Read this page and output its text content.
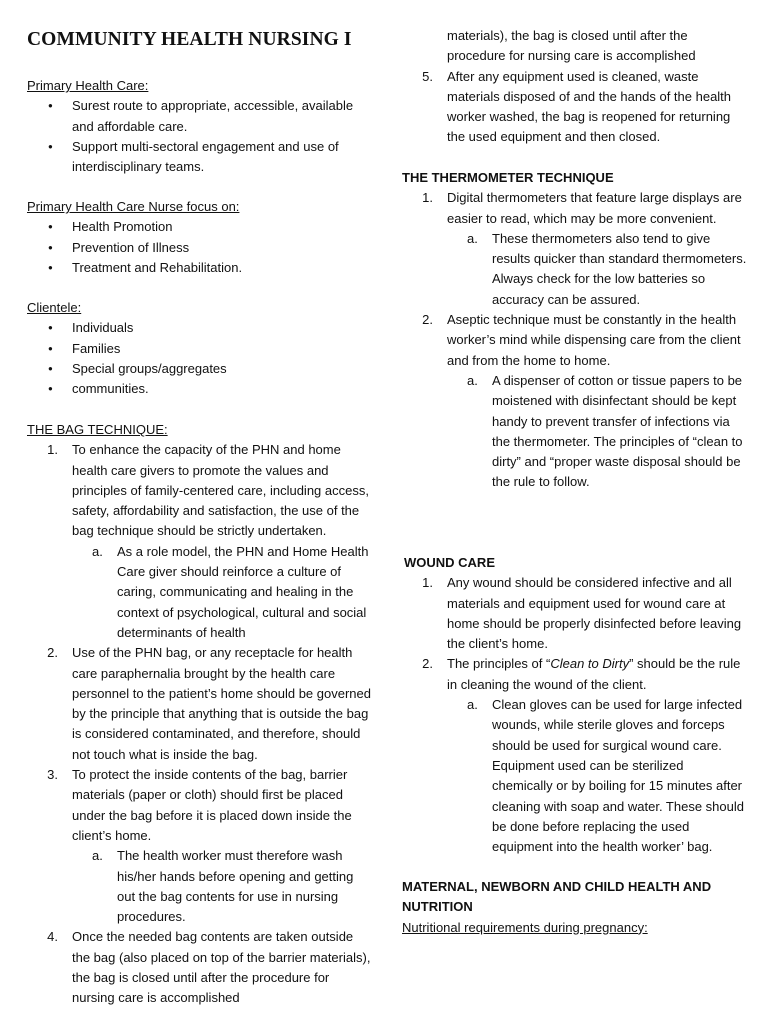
COMMUNITY HEALTH NURSING I

Primary Health Care:

● Surest route to appropriate, accessible, available and affordable care.
● Support multi-sectoral engagement and use of interdisciplinary teams.

Primary Health Care Nurse focus on:

● Health Promotion
● Prevention of Illness
● Treatment and Rehabilitation.

Clientele:

● Individuals
● Families
● Special groups/aggregates
● communities.

THE BAG TECHNIQUE:

1. To enhance the capacity of the PHN and home health care givers to promote the values and principles of family-centered care, including access, safety, affordability and satisfaction, the use of the bag technique should be strictly undertaken.
a. As a role model, the PHN and Home Health Care giver should reinforce a culture of caring, communicating and healing in the context of psychological, cultural and social determinants of health
2. Use of the PHN bag, or any receptacle for health care paraphernalia brought by the health care personnel to the patient’s home should be governed by the principle that anything that is outside the bag is considered contaminated, and therefore, should not touch what is inside the bag.
3. To protect the inside contents of the bag, barrier materials (paper or cloth) should first be placed under the bag before it is placed down inside the client’s home.
a. The health worker must therefore wash his/her hands before opening and getting out the bag contents for use in nursing procedures.
4. Once the needed bag contents are taken outside the bag (also placed on top of the barrier materials), the bag is closed until after the procedure for nursing care is accomplished
materials), the bag is closed until after the procedure for nursing care is accomplished
5. After any equipment used is cleaned, waste materials disposed of and the hands of the health worker washed, the bag is reopened for returning the used equipment and then closed.

THE THERMOMETER TECHNIQUE

1. Digital thermometers that feature large displays are easier to read, which may be more convenient.
a. These thermometers also tend to give results quicker than standard thermometers. Always check for the low batteries so accuracy can be assured.
2. Aseptic technique must be constantly in the health worker’s mind while dispensing care from the client and from the home to home.
a. A dispenser of cotton or tissue papers to be moistened with disinfectant should be kept handy to prevent transfer of infections via the thermometer. The principles of “clean to dirty” and “proper waste disposal should be the rule to follow.

WOUND CARE

1. Any wound should be considered infective and all materials and equipment used for wound care at home should be properly disinfected before leaving the client’s home.
2. The principles of “Clean to Dirty” should be the rule in cleaning the wound of the client.
a. Clean gloves can be used for large infected wounds, while sterile gloves and forceps should be used for surgical wound care. Equipment used can be sterilized chemically or by boiling for 15 minutes after cleaning with soap and water. These should be done before replacing the used equipment into the health worker’ bag.

MATERNAL, NEWBORN AND CHILD HEALTH AND NUTRITION

Nutritional requirements during pregnancy:
